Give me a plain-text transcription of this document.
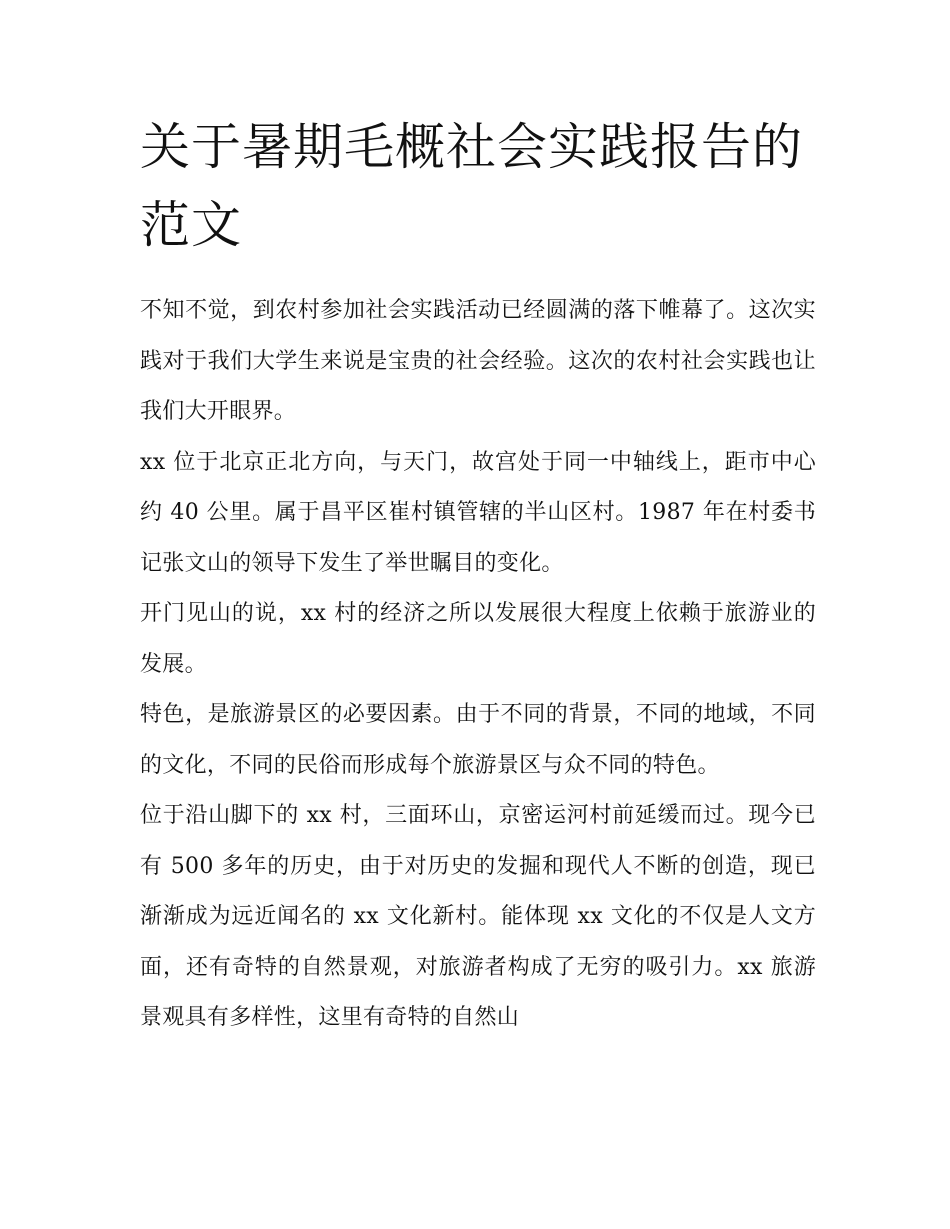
关于暑期毛概社会实践报告的范文

不知不觉，到农村参加社会实践活动已经圆满的落下帷幕了。这次实践对于我们大学生来说是宝贵的社会经验。这次的农村社会实践也让我们大开眼界。

xx 位于北京正北方向，与天门，故宫处于同一中轴线上，距市中心约 40 公里。属于昌平区崔村镇管辖的半山区村。1987 年在村委书记张文山的领导下发生了举世瞩目的变化。

开门见山的说，xx 村的经济之所以发展很大程度上依赖于旅游业的发展。

特色，是旅游景区的必要因素。由于不同的背景，不同的地域，不同的文化，不同的民俗而形成每个旅游景区与众不同的特色。

位于沿山脚下的 xx 村，三面环山，京密运河村前延缓而过。现今已有 500 多年的历史，由于对历史的发掘和现代人不断的创造，现已渐渐成为远近闻名的 xx 文化新村。能体现 xx 文化的不仅是人文方面，还有奇特的自然景观，对旅游者构成了无穷的吸引力。xx 旅游景观具有多样性，这里有奇特的自然山
